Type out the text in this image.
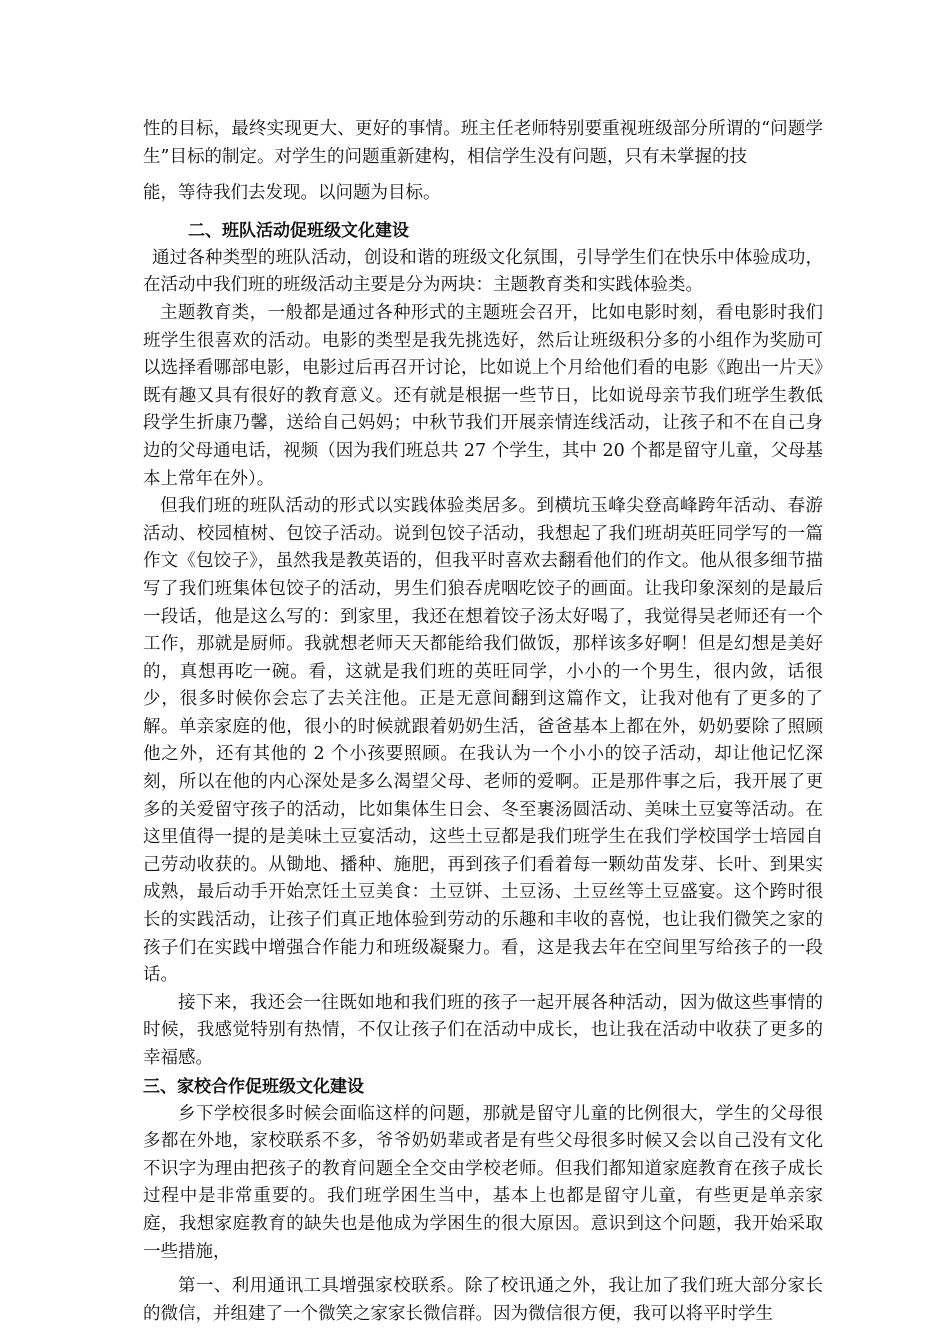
性的目标，最终实现更大、更好的事情。班主任老师特别要重视班级部分所谓的“问题学生”目标的制定。对学生的问题重新建构，相信学生没有问题，只有未掌握的技

能，等待我们去发现。以问题为目标。

二、班队活动促班级文化建设

通过各种类型的班队活动，创设和谐的班级文化氛围，引导学生们在快乐中体验成功，在活动中我们班的班级活动主要是分为两块：主题教育类和实践体验类。

主题教育类，一般都是通过各种形式的主题班会召开，比如电影时刻，看电影时我们班学生很喜欢的活动。电影的类型是我先挑选好，然后让班级积分多的小组作为奖励可以选择看哪部电影，电影过后再召开讨论，比如说上个月给他们看的电影《跑出一片天》既有趣又具有很好的教育意义。还有就是根据一些节日，比如说母亲节我们班学生教低段学生折康乃馨，送给自己妈妈；中秋节我们开展亲情连线活动，让孩子和不在自己身边的父母通电话，视频（因为我们班总共 27 个学生，其中 20 个都是留守儿童，父母基本上常年在外）。

但我们班的班队活动的形式以实践体验类居多。到横坑玉峰尖登高峰跨年活动、春游活动、校园植树、包饺子活动。说到包饺子活动，我想起了我们班胡英旺同学写的一篇作文《包饺子》，虽然我是教英语的，但我平时喜欢去翻看他们的作文。他从很多细节描写了我们班集体包饺子的活动，男生们狼吞虎咽吃饺子的画面。让我印象深刻的是最后一段话，他是这么写的：到家里，我还在想着饺子汤太好喝了，我觉得吴老师还有一个工作，那就是厨师。我就想老师天天都能给我们做饭，那样该多好啊！但是幻想是美好的，真想再吃一碗。看，这就是我们班的英旺同学，小小的一个男生，很内敛，话很少，很多时候你会忘了去关注他。正是无意间翻到这篇作文，让我对他有了更多的了解。单亲家庭的他，很小的时候就跟着奶奶生活，爸爸基本上都在外，奶奶要除了照顾他之外，还有其他的 2 个小孩要照顾。在我认为一个小小的饺子活动，却让他记忆深刻，所以在他的内心深处是多么渴望父母、老师的爱啊。正是那件事之后，我开展了更多的关爱留守孩子的活动，比如集体生日会、冬至裹汤圆活动、美味土豆宴等活动。在这里值得一提的是美味土豆宴活动，这些土豆都是我们班学生在我们学校国学士培园自己劳动收获的。从锄地、播种、施肥，再到孩子们看着每一颗幼苗发芽、长叶、到果实成熟，最后动手开始烹饪土豆美食：土豆饼、土豆汤、土豆丝等土豆盛宴。这个跨时很长的实践活动，让孩子们真正地体验到劳动的乐趣和丰收的喜悦，也让我们微笑之家的孩子们在实践中增强合作能力和班级凝聚力。看，这是我去年在空间里写给孩子的一段话。

接下来，我还会一往既如地和我们班的孩子一起开展各种活动，因为做这些事情的时候，我感觉特别有热情，不仅让孩子们在活动中成长，也让我在活动中收获了更多的幸福感。

三、家校合作促班级文化建设

乡下学校很多时候会面临这样的问题，那就是留守儿童的比例很大，学生的父母很多都在外地，家校联系不多，爷爷奶奶辈或者是有些父母很多时候又会以自己没有文化不识字为理由把孩子的教育问题全全交由学校老师。但我们都知道家庭教育在孩子成长过程中是非常重要的。我们班学困生当中，基本上也都是留守儿童，有些更是单亲家庭，我想家庭教育的缺失也是他成为学困生的很大原因。意识到这个问题，我开始采取一些措施，

第一、利用通讯工具增强家校联系。除了校讯通之外，我让加了我们班大部分家长的微信，并组建了一个微笑之家家长微信群。因为微信很方便，我可以将平时学生
